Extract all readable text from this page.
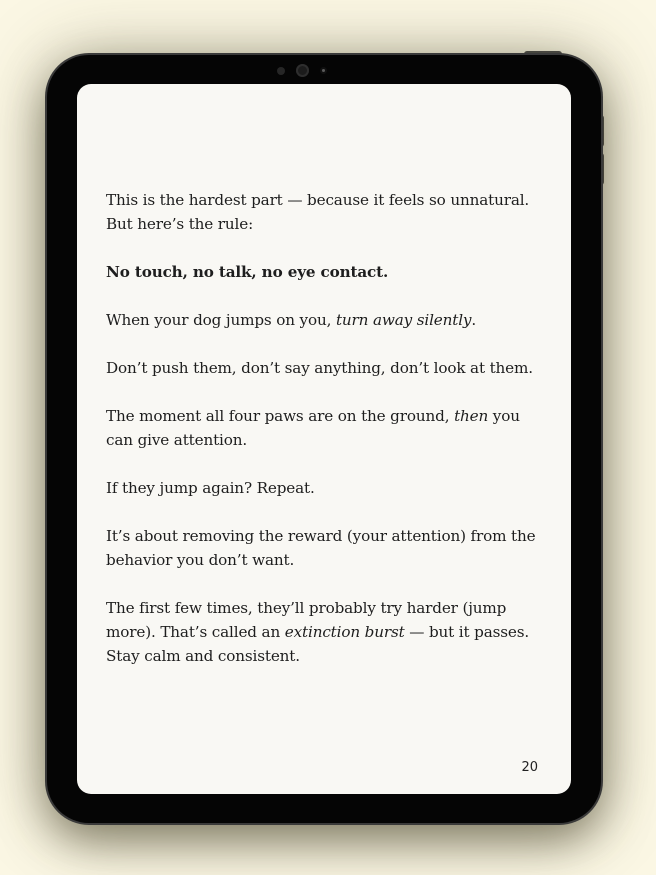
This is the hardest part — because it feels so unnatural. But here’s the rule:

No touch, no talk, no eye contact.

When your dog jumps on you, turn away silently.

Don’t push them, don’t say anything, don’t look at them.

The moment all four paws are on the ground, then you can give attention.

If they jump again? Repeat.

It’s about removing the reward (your attention) from the behavior you don’t want.

The first few times, they’ll probably try harder (jump more). That’s called an extinction burst — but it passes. Stay calm and consistent.

20
